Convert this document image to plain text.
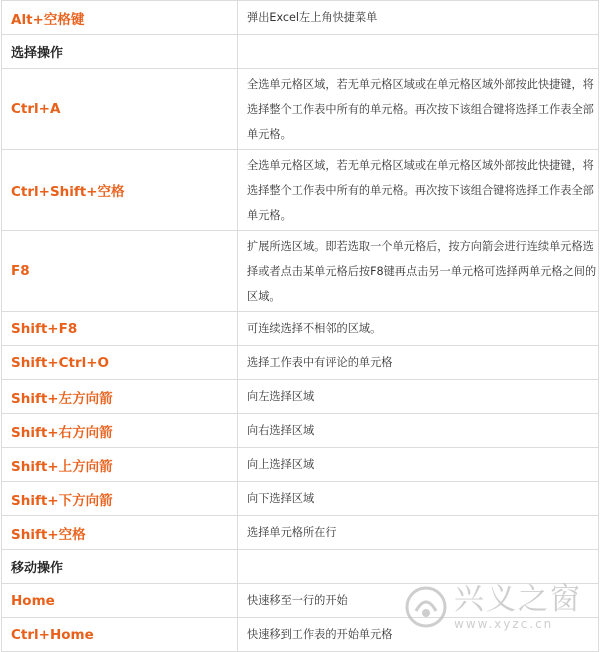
Alt+空格键	弹出Excel左上角快捷菜单
选择操作	
Ctrl+A	全选单元格区域，若无单元格区域或在单元格区域外部按此快捷键，将选择整个工作表中所有的单元格。再次按下该组合键将选择工作表全部单元格。
Ctrl+Shift+空格	全选单元格区域，若无单元格区域或在单元格区域外部按此快捷键，将选择整个工作表中所有的单元格。再次按下该组合键将选择工作表全部单元格。
F8	扩展所选区域。即若选取一个单元格后，按方向箭会进行连续单元格选择或者点击某单元格后按F8键再点击另一单元格可选择两单元格之间的区域。
Shift+F8	可连续选择不相邻的区域。
Shift+Ctrl+O	选择工作表中有评论的单元格
Shift+左方向箭	向左选择区域
Shift+右方向箭	向右选择区域
Shift+上方向箭	向上选择区域
Shift+下方向箭	向下选择区域
Shift+空格	选择单元格所在行
移动操作	
Home	快速移至一行的开始
Ctrl+Home	快速移到工作表的开始单元格
兴义之窗
www.xyzc.cn
